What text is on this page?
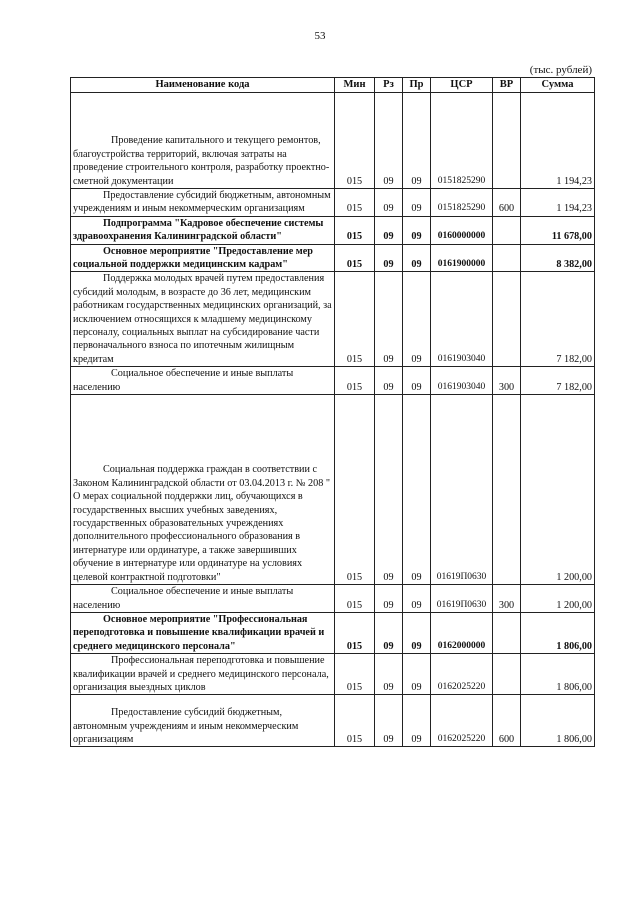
53
(тыс. рублей)
Наименование кода	Мин	Рз	Пр	ЦСР	ВР	Сумма
Проведение капитального и текущего ремонтов, благоустройства территорий, включая затраты на проведение строительного контроля, разработку проектно-сметной документации	015	09	09	0151825290		1 194,23
Предоставление субсидий бюджетным, автономным учреждениям и иным некоммерческим организациям	015	09	09	0151825290	600	1 194,23
Подпрограмма "Кадровое обеспечение системы здравоохранения Калининградской области"	015	09	09	0160000000		11 678,00
Основное мероприятие "Предоставление мер социальной поддержки медицинским кадрам"	015	09	09	0161900000		8 382,00
Поддержка молодых врачей путем предоставления субсидий молодым, в возрасте до 36 лет, медицинским работникам государственных медицинских организаций, за исключением относящихся к младшему медицинскому персоналу, социальных выплат на субсидирование части первоначального взноса по ипотечным жилищным кредитам	015	09	09	0161903040		7 182,00
Социальное обеспечение и иные выплаты населению	015	09	09	0161903040	300	7 182,00
Социальная поддержка граждан в соответствии с Законом Калининградской области от 03.04.2013 г. № 208 " О мерах социальной поддержки лиц, обучающихся в государственных высших учебных заведениях, государственных образовательных учреждениях дополнительного профессионального образования в интернатуре или ординатуре, а также завершивших обучение в интернатуре или ординатуре на условиях целевой контрактной подготовки"	015	09	09	01619П0630		1 200,00
Социальное обеспечение и иные выплаты населению	015	09	09	01619П0630	300	1 200,00
Основное мероприятие "Профессиональная переподготовка и повышение квалификации врачей и среднего медицинского персонала"	015	09	09	0162000000		1 806,00
Профессиональная переподготовка и повышение квалификации врачей и среднего медицинского персонала, организация выездных циклов	015	09	09	0162025220		1 806,00
Предоставление субсидий бюджетным, автономным учреждениям и иным некоммерческим организациям	015	09	09	0162025220	600	1 806,00
